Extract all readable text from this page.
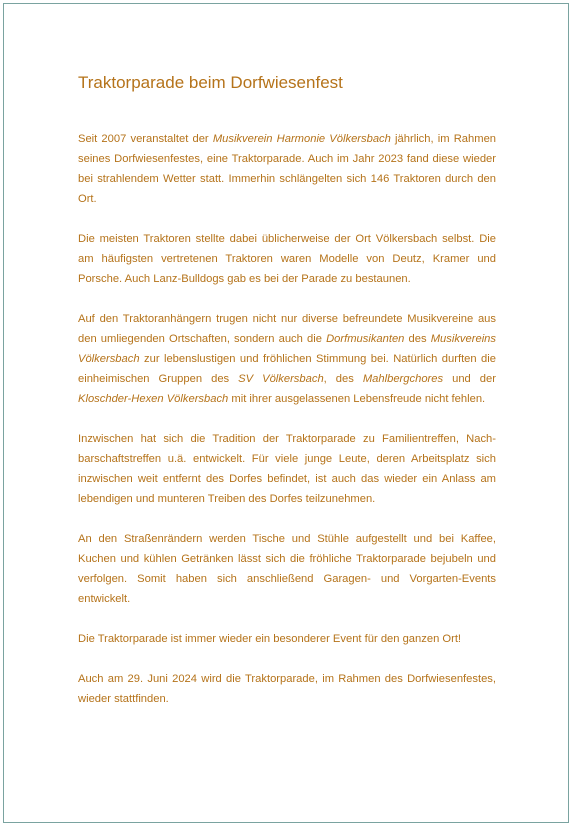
Traktorparade beim Dorfwiesenfest

Seit 2007 veranstaltet der Musikverein Harmonie Völkersbach jährlich, im Rahmen seines Dorfwiesenfestes, eine Traktorparade. Auch im Jahr 2023 fand diese wieder bei strahlendem Wetter statt. Immerhin schlängelten sich 146 Traktoren durch den Ort.

Die meisten Traktoren stellte dabei üblicherweise der Ort Völkersbach selbst. Die am häufigsten vertretenen Traktoren waren Modelle von Deutz, Kramer und Porsche. Auch Lanz-Bulldogs gab es bei der Parade zu bestaunen.

Auf den Traktoranhängern trugen nicht nur diverse befreundete Musikvereine aus den umliegenden Ortschaften, sondern auch die Dorfmusikanten des Musikvereins Völkersbach zur lebenslustigen und fröhlichen Stimmung bei. Natürlich durften die einheimischen Gruppen des SV Völkersbach, des Mahlbergchores und der Kloschder-Hexen Völkersbach mit ihrer ausgelassenen Lebensfreude nicht fehlen.

Inzwischen hat sich die Tradition der Traktorparade zu Familientreffen, Nachbarschaftstreffen u.ä. entwickelt. Für viele junge Leute, deren Arbeitsplatz sich inzwischen weit entfernt des Dorfes befindet, ist auch das wieder ein Anlass am lebendigen und munteren Treiben des Dorfes teilzunehmen.

An den Straßenrändern werden Tische und Stühle aufgestellt und bei Kaffee, Kuchen und kühlen Getränken lässt sich die fröhliche Traktorparade bejubeln und verfolgen. Somit haben sich anschließend Garagen- und Vorgarten-Events entwickelt.

Die Traktorparade ist immer wieder ein besonderer Event für den ganzen Ort!

Auch am 29. Juni 2024 wird die Traktorparade, im Rahmen des Dorfwiesenfestes, wieder stattfinden.
